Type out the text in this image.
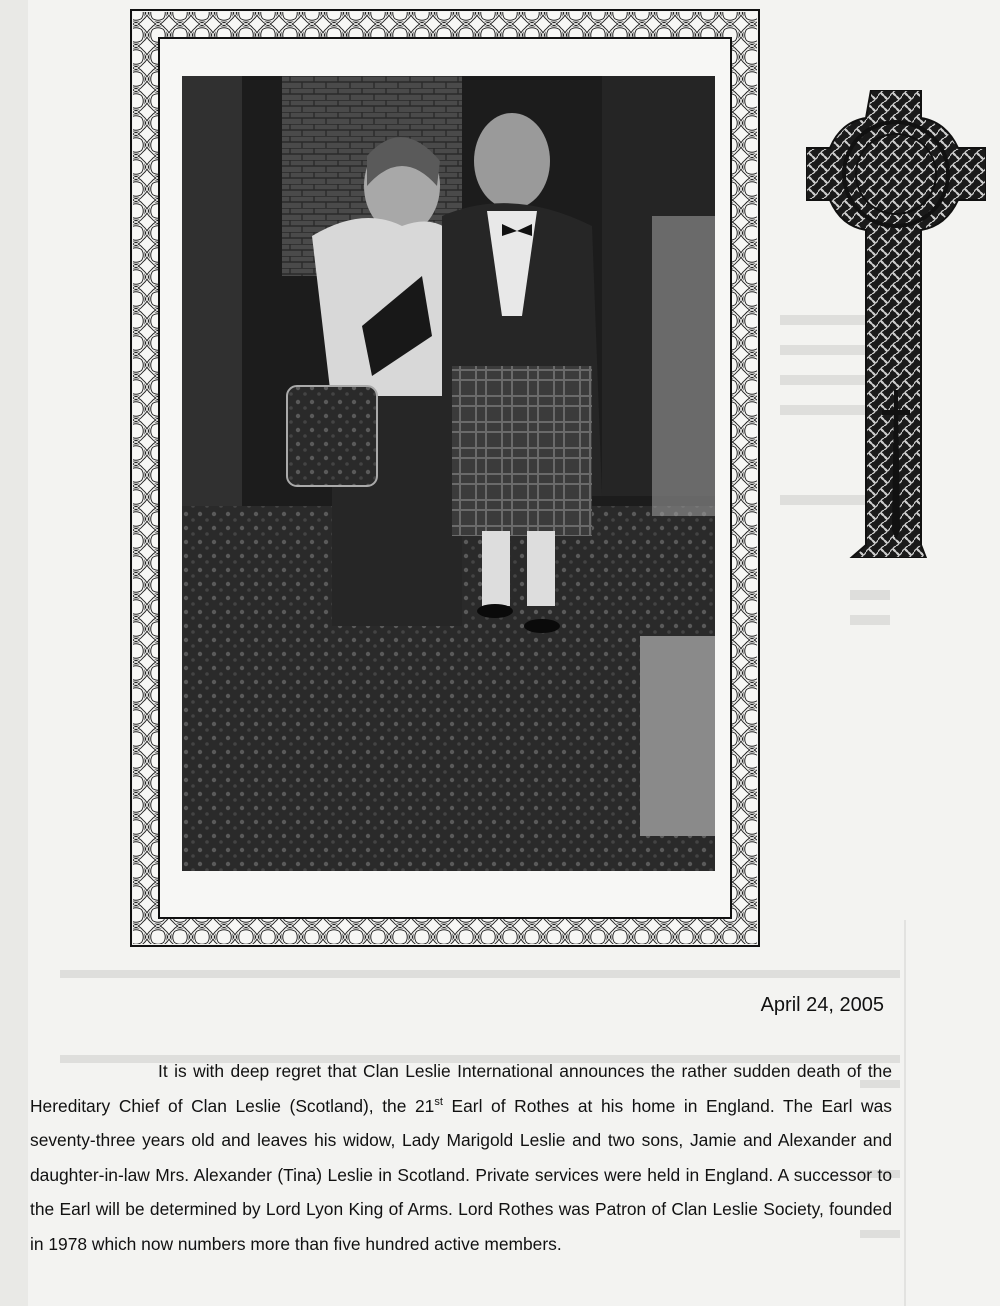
April 24, 2005
It is with deep regret that Clan Leslie International announces the rather sudden death of the Hereditary Chief of Clan Leslie (Scotland), the 21st Earl of Rothes at his home in England. The Earl was seventy-three years old and leaves his widow, Lady Marigold Leslie and two sons, Jamie and Alexander and daughter-in-law Mrs. Alexander (Tina) Leslie in Scotland. Private services were held in England. A successor to the Earl will be determined by Lord Lyon King of Arms. Lord Rothes was Patron of Clan Leslie Society, founded in 1978 which now numbers more than five hundred active members.
